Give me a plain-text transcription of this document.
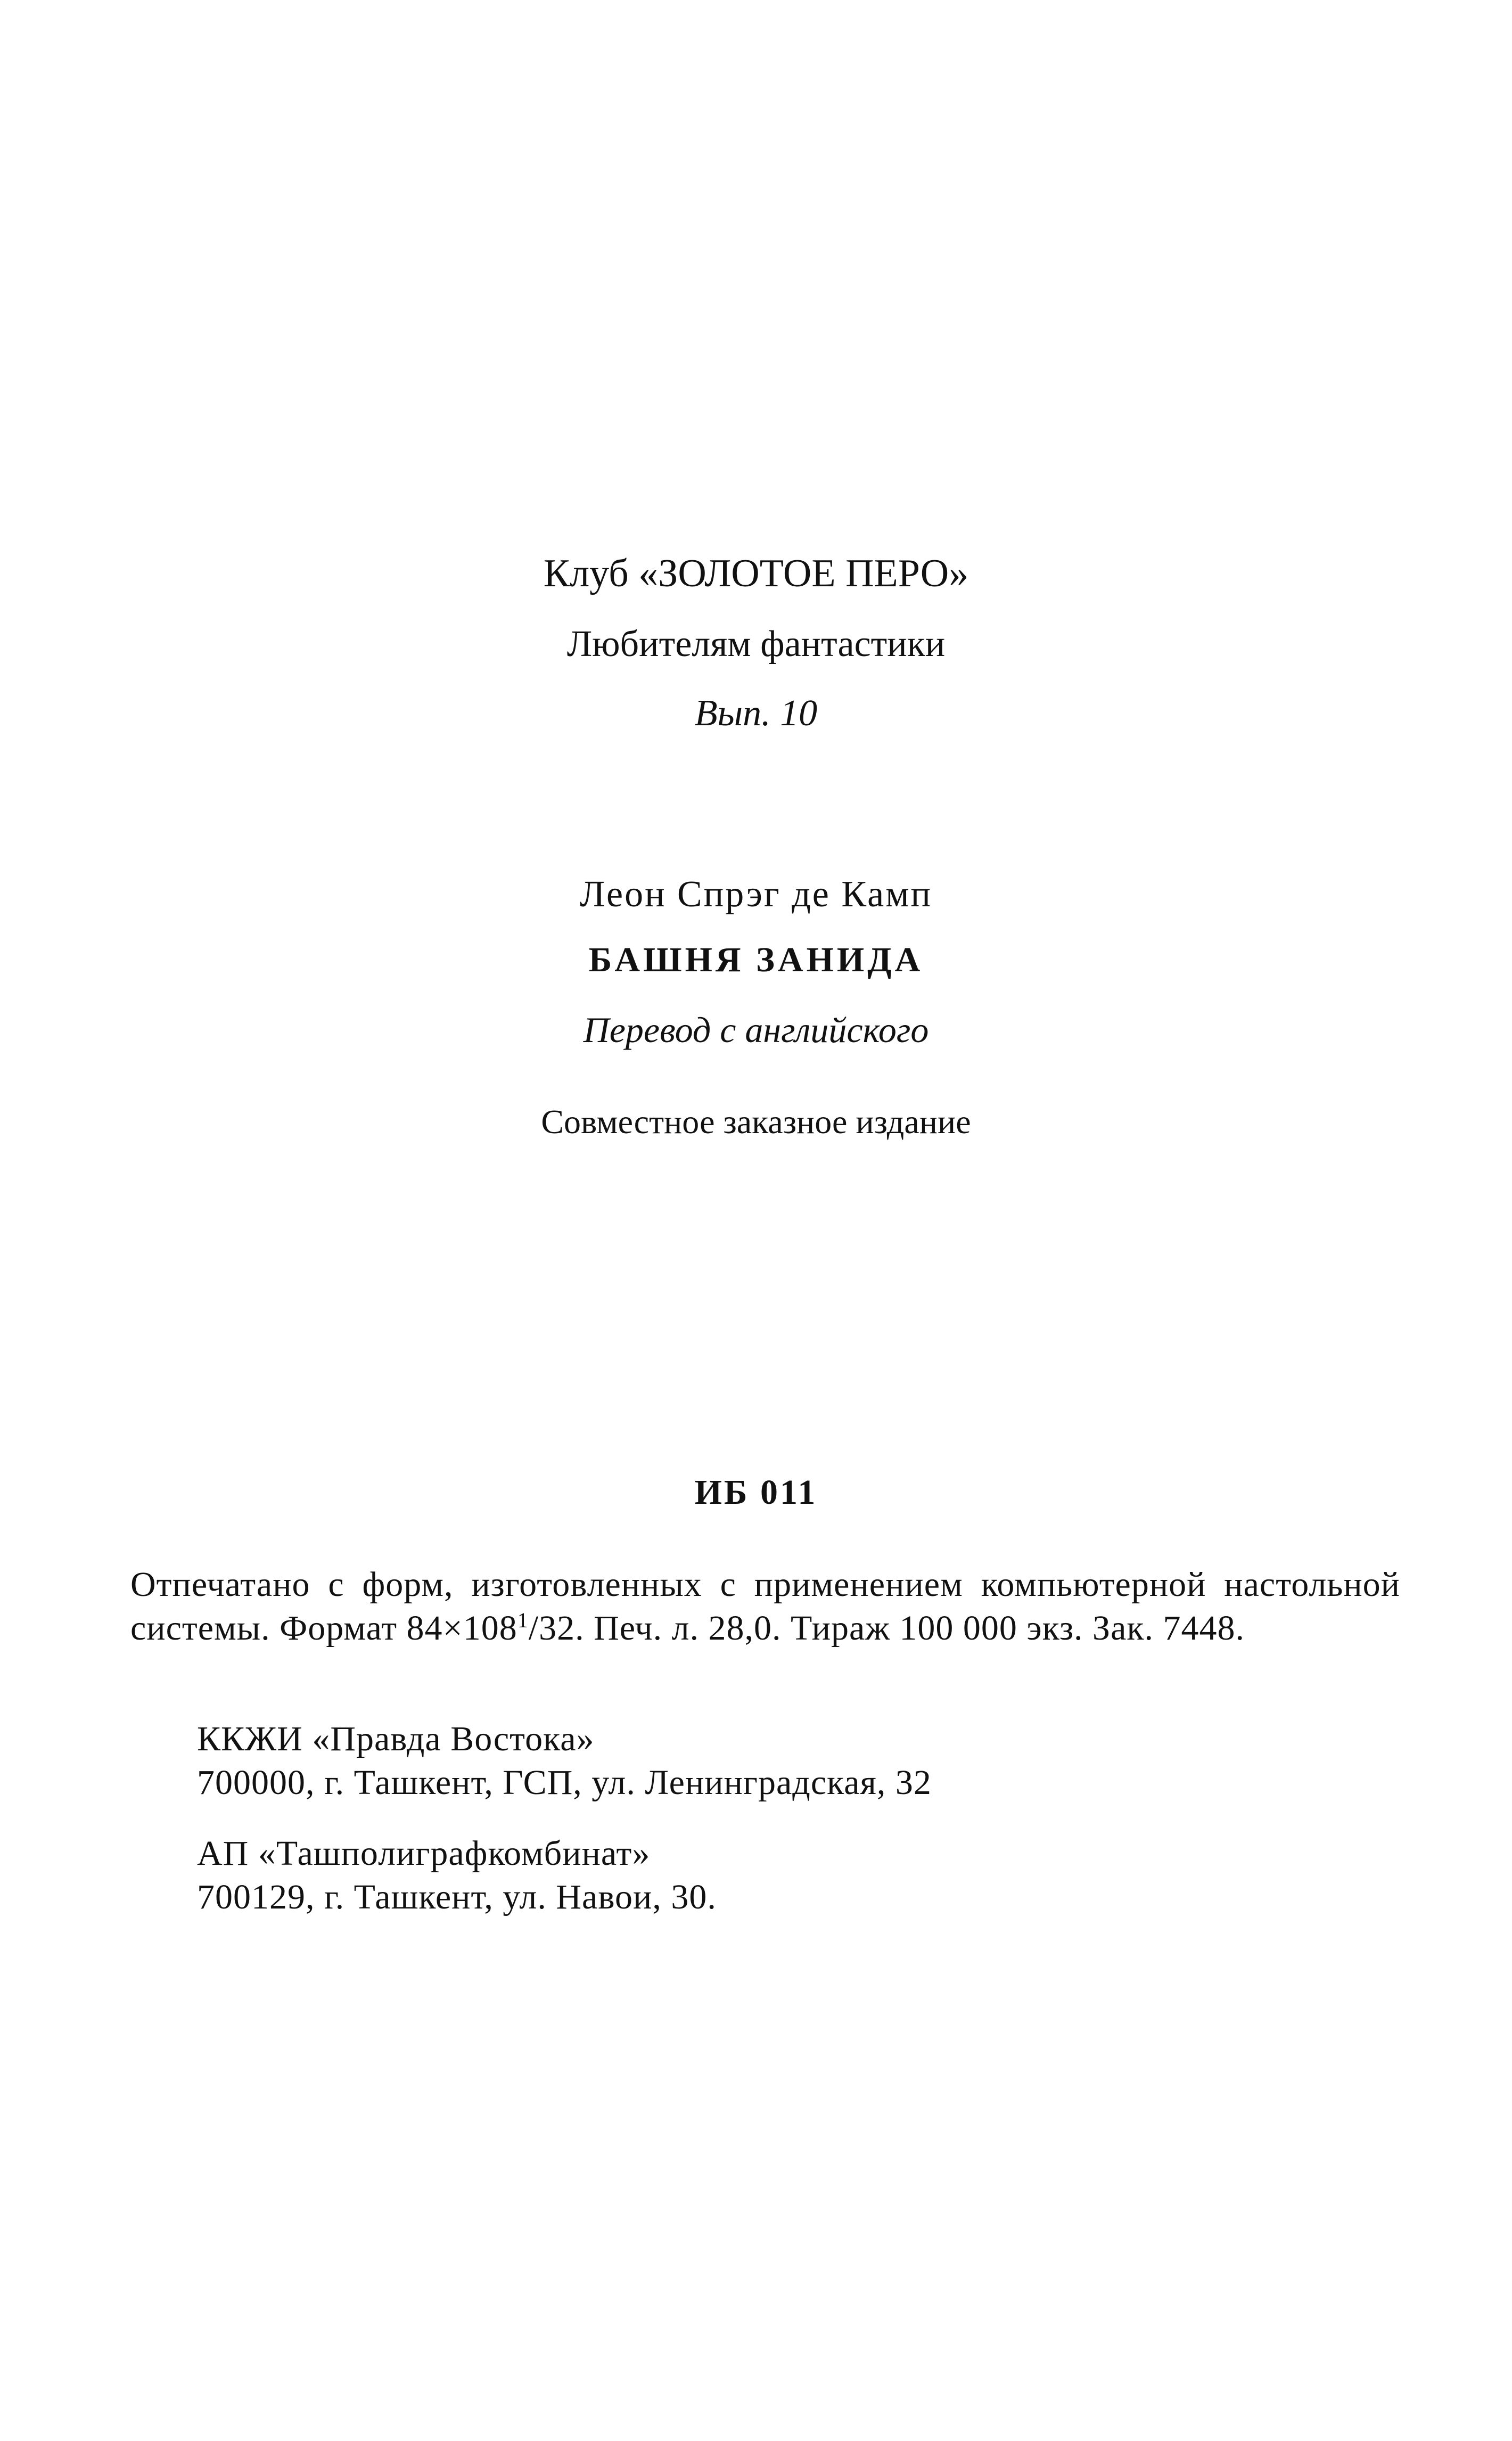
Клуб «ЗОЛОТОЕ ПЕРО»
Любителям фантастики
Вып. 10
Леон Спрэг де Камп
БАШНЯ ЗАНИДА
Перевод с английского
Совместное заказное издание
ИБ 011
Отпечатано с форм, изготовленных с применением компьютерной настольной системы. Формат $84\times 108^1/32$. Печ. л. 28,0. Тираж 100 000 экз. Зак. 7448.
ККЖИ «Правда Востока»
700000, г. Ташкент, ГСП, ул. Ленинградская, 32
АП «Ташполиграфкомбинат»
700129, г. Ташкент, ул. Навои, 30.
